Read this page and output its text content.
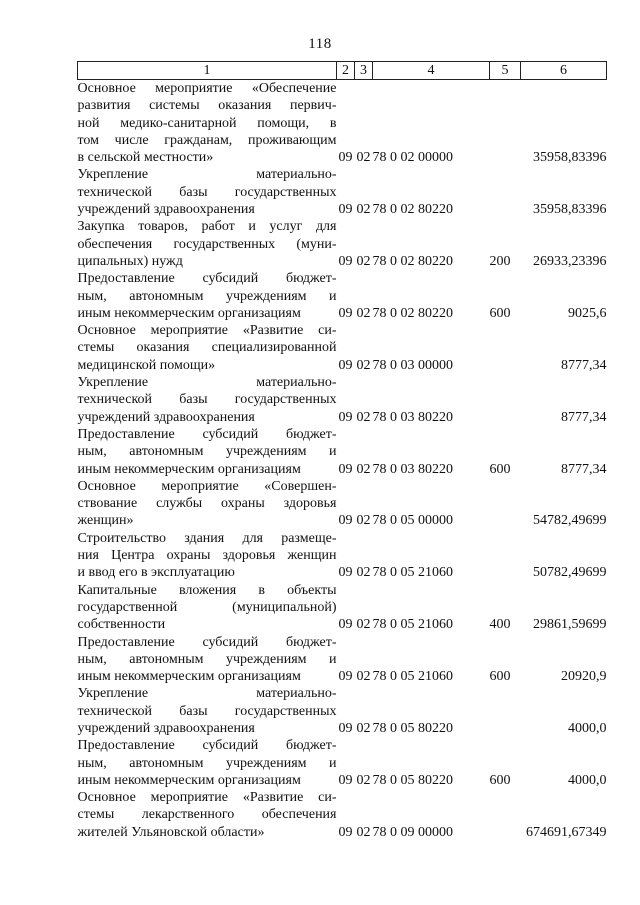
118
1	2	3	4	5	6

Основное мероприятие «Обеспечение
развития системы оказания первич-
ной медико-санитарной помощи, в
том числе гражданам, проживающим
в сельской местности»	09	02	78 0 02 00000		35958,83396

Укрепление материально-
технической базы государственных
учреждений здравоохранения	09	02	78 0 02 80220		35958,83396

Закупка товаров, работ и услуг для
обеспечения государственных (муни-
ципальных) нужд	09	02	78 0 02 80220	200	26933,23396

Предоставление субсидий бюджет-
ным, автономным учреждениям и
иным некоммерческим организациям	09	02	78 0 02 80220	600	9025,6

Основное мероприятие «Развитие си-
стемы оказания специализированной
медицинской помощи»	09	02	78 0 03 00000		8777,34

Укрепление материально-
технической базы государственных
учреждений здравоохранения	09	02	78 0 03 80220		8777,34

Предоставление субсидий бюджет-
ным, автономным учреждениям и
иным некоммерческим организациям	09	02	78 0 03 80220	600	8777,34

Основное мероприятие «Совершен-
ствование службы охраны здоровья
женщин»	09	02	78 0 05 00000		54782,49699

Строительство здания для размеще-
ния Центра охраны здоровья женщин
и ввод его в эксплуатацию	09	02	78 0 05 21060		50782,49699

Капитальные вложения в объекты
государственной (муниципальной)
собственности	09	02	78 0 05 21060	400	29861,59699

Предоставление субсидий бюджет-
ным, автономным учреждениям и
иным некоммерческим организациям	09	02	78 0 05 21060	600	20920,9

Укрепление материально-
технической базы государственных
учреждений здравоохранения	09	02	78 0 05 80220		4000,0

Предоставление субсидий бюджет-
ным, автономным учреждениям и
иным некоммерческим организациям	09	02	78 0 05 80220	600	4000,0

Основное мероприятие «Развитие си-
стемы лекарственного обеспечения
жителей Ульяновской области»	09	02	78 0 09 00000		674691,67349
